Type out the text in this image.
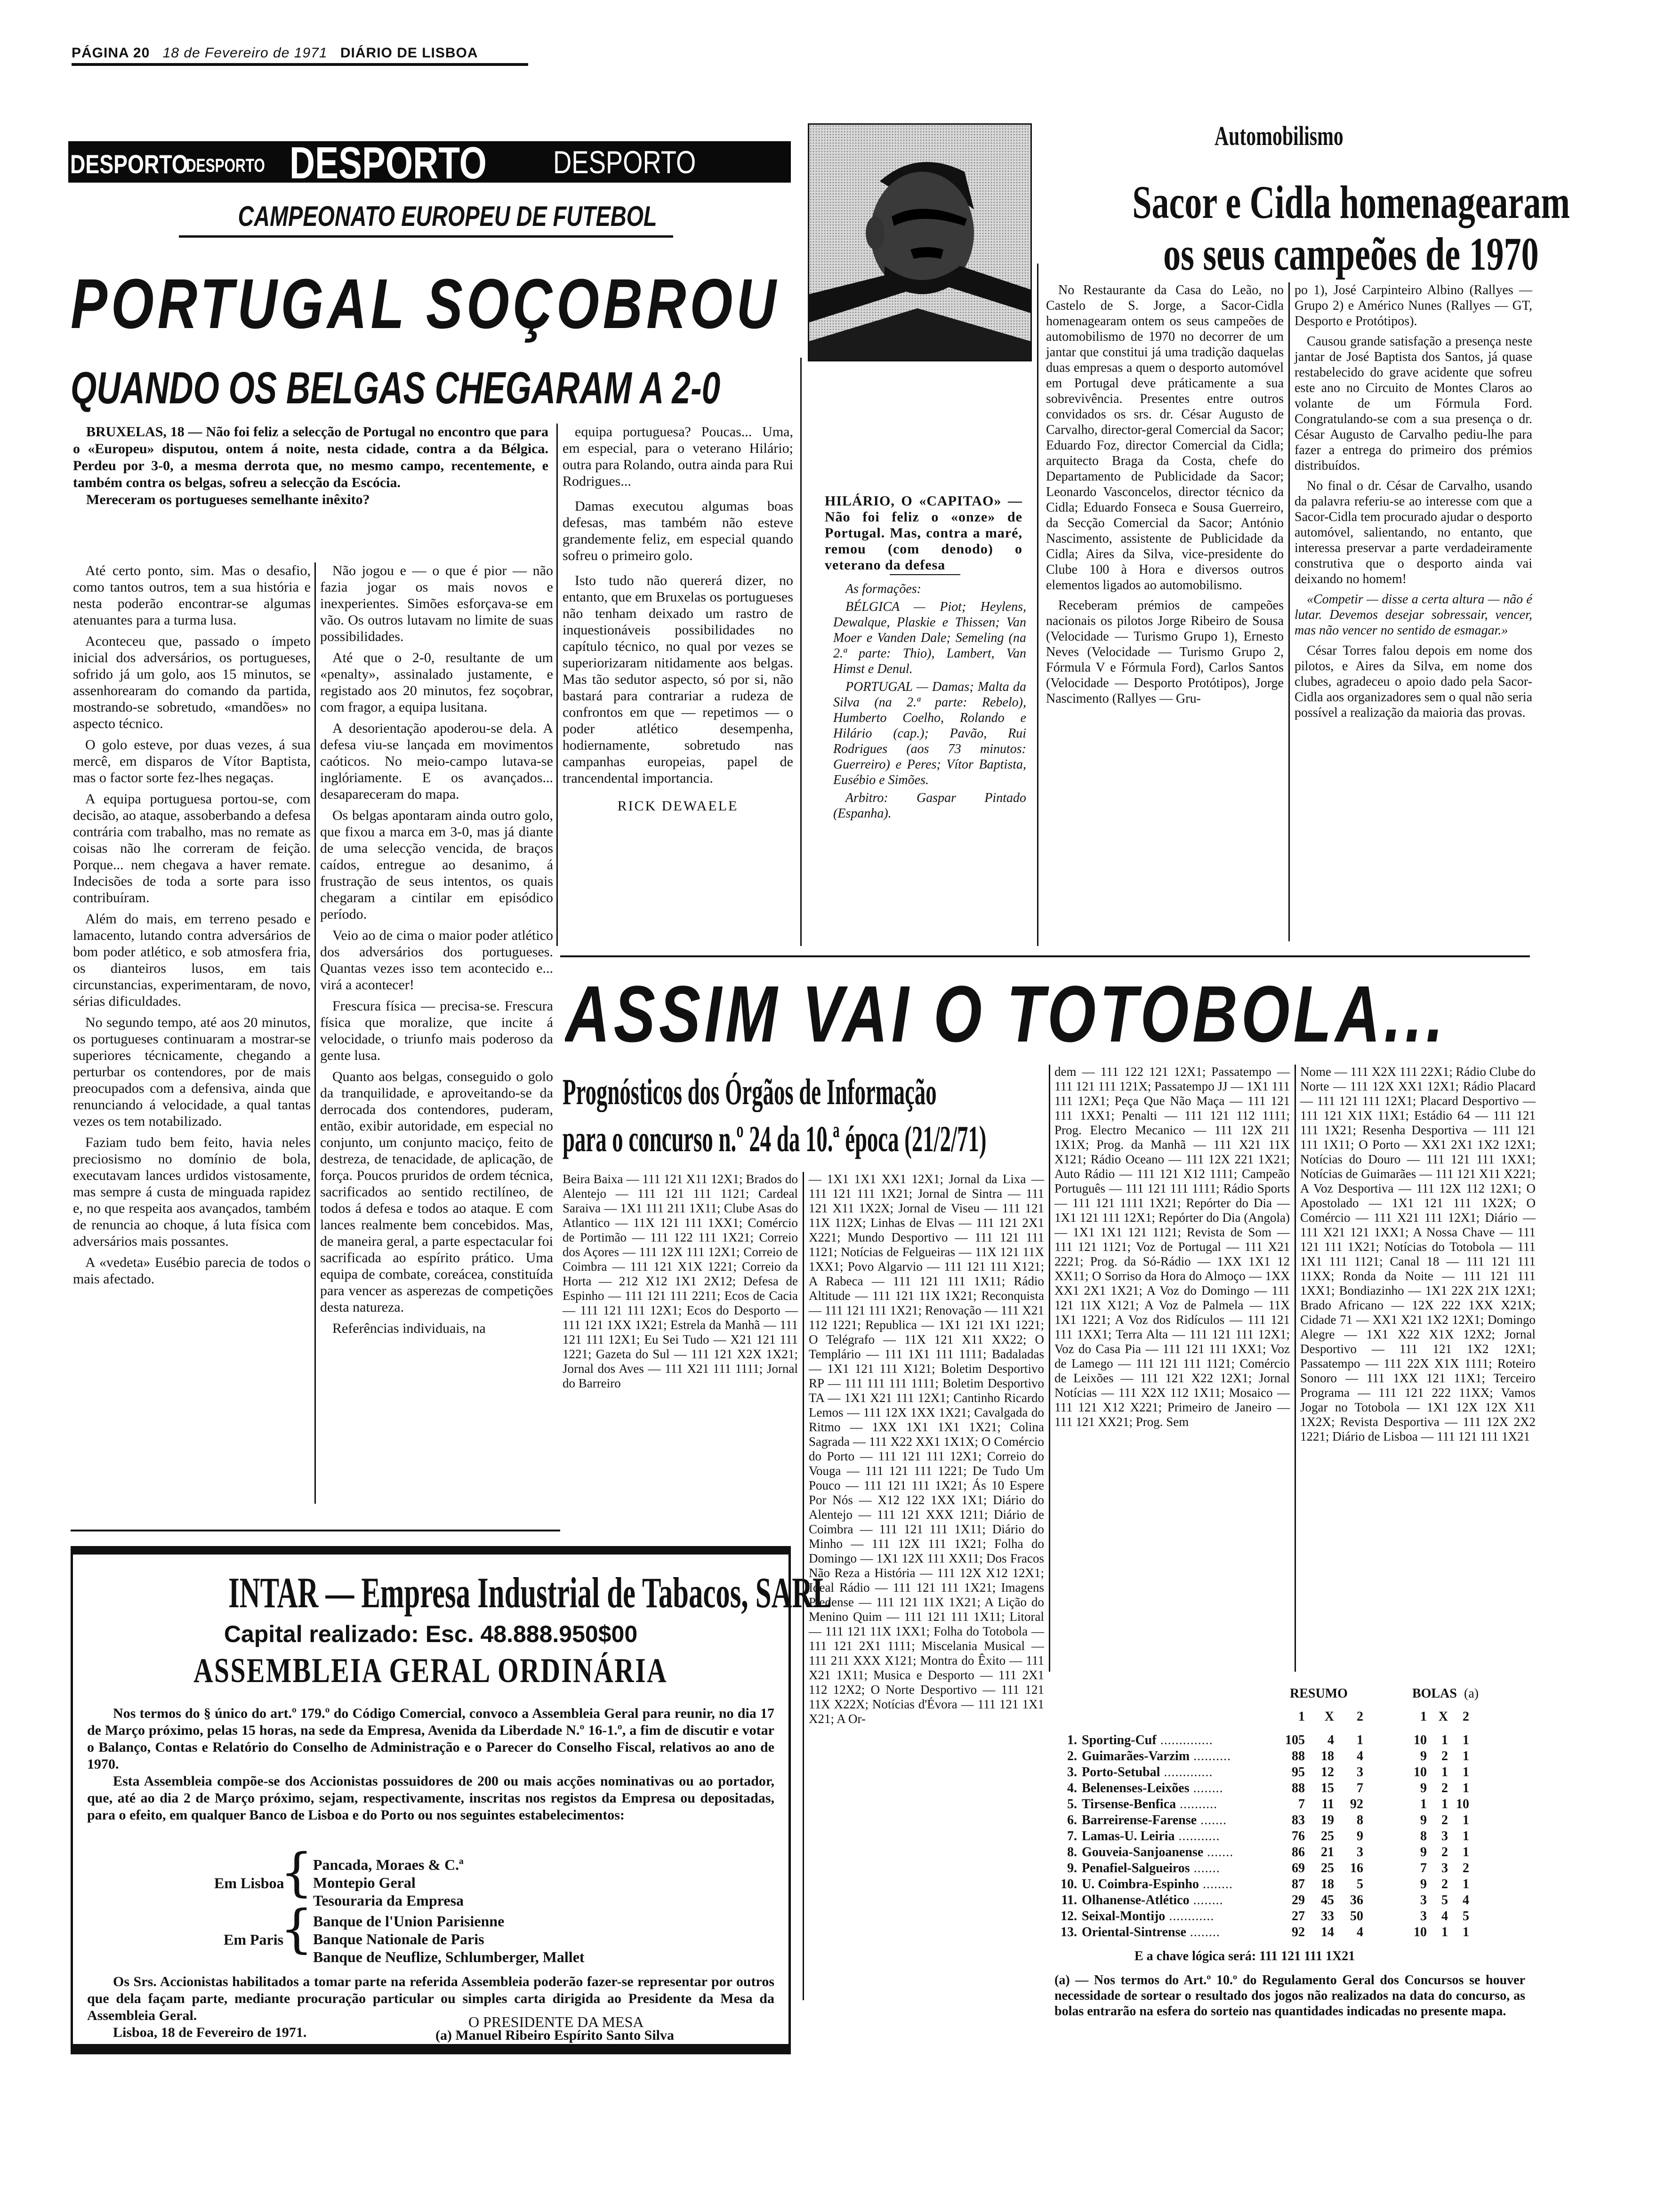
PÁGINA 20 18 de Fevereiro de 1971 DIÁRIO DE LISBOA
DESPORTO
DESPORTO DESPORTO DESPORTO
CAMPEONATO EUROPEU DE FUTEBOL
PORTUGAL SOÇOBROU
QUANDO OS BELGAS CHEGARAM A 2-0

BRUXELAS, 18 — Não foi feliz a selecção de Portugal no encontro que para o «Europeu» disputou, ontem á noite, nesta cidade, contra a da Bélgica. Perdeu por 3-0, a mesma derrota que, no mesmo campo, recentemente, e também contra os belgas, sofreu a selecção da Escócia.

Mereceram os portugueses semelhante inêxito?

Até certo ponto, sim. Mas o desafio, como tantos outros, tem a sua história e nesta poderão encontrar-se algumas atenuantes para a turma lusa.

Aconteceu que, passado o ímpeto inicial dos adversários, os portugueses, sofrido já um golo, aos 15 minutos, se assenhorearam do comando da partida, mostrando-se sobretudo, «mandões» no aspecto técnico.

O golo esteve, por duas vezes, á sua mercê, em disparos de Vítor Baptista, mas o factor sorte fez-lhes negaças.

A equipa portuguesa portou-se, com decisão, ao ataque, assoberbando a defesa contrária com trabalho, mas no remate as coisas não lhe correram de feição. Porque... nem chegava a haver remate. Indecisões de toda a sorte para isso contribuíram.

Além do mais, em terreno pesado e lamacento, lutando contra adversários de bom poder atlético, e sob atmosfera fria, os dianteiros lusos, em tais circunstancias, experimentaram, de novo, sérias dificuldades.

No segundo tempo, até aos 20 minutos, os portugueses continuaram a mostrar-se superiores técnicamente, chegando a perturbar os contendores, por de mais preocupados com a defensiva, ainda que renunciando á velocidade, a qual tantas vezes os tem notabilizado.

Faziam tudo bem feito, havia neles preciosismo no domínio de bola, executavam lances urdidos vistosamente, mas sempre á custa de minguada rapidez e, no que respeita aos avançados, também de renuncia ao choque, á luta física com adversários mais possantes.

A «vedeta» Eusébio parecia de todos o mais afectado.

Não jogou e — o que é pior — não fazia jogar os mais novos e inexperientes. Simões esforçava-se em vão. Os outros lutavam no limite de suas possibilidades.

Até que o 2-0, resultante de um «penalty», assinalado justamente, e registado aos 20 minutos, fez soçobrar, com fragor, a equipa lusitana.

A desorientação apoderou-se dela. A defesa viu-se lançada em movimentos caóticos. No meio-campo lutava-se inglóriamente. E os avançados... desapareceram do mapa.

Os belgas apontaram ainda outro golo, que fixou a marca em 3-0, mas já diante de uma selecção vencida, de braços caídos, entregue ao desanimo, á frustração de seus intentos, os quais chegaram a cintilar em episódico período.

Veio ao de cima o maior poder atlético dos adversários dos portugueses. Quantas vezes isso tem acontecido e... virá a acontecer!

Frescura física — precisa-se. Frescura física que moralize, que incite á velocidade, o triunfo mais poderoso da gente lusa.

Quanto aos belgas, conseguido o golo da tranquilidade, e aproveitando-se da derrocada dos contendores, puderam, então, exibir autoridade, em especial no conjunto, um conjunto maciço, feito de destreza, de tenacidade, de aplicação, de força. Poucos pruridos de ordem técnica, sacrificados ao sentido rectilíneo, de todos á defesa e todos ao ataque. E com lances realmente bem concebidos. Mas, de maneira geral, a parte espectacular foi sacrificada ao espírito prático. Uma equipa de combate, coreácea, constituída para vencer as asperezas de competições desta natureza.

Referências individuais, na

equipa portuguesa? Poucas... Uma, em especial, para o veterano Hilário; outra para Rolando, outra ainda para Rui Rodrigues...

Damas executou algumas boas defesas, mas também não esteve grandemente feliz, em especial quando sofreu o primeiro golo.

Isto tudo não quererá dizer, no entanto, que em Bruxelas os portugueses não tenham deixado um rastro de inquestionáveis possibilidades no capítulo técnico, no qual por vezes se superiorizaram nitidamente aos belgas. Mas tão sedutor aspecto, só por si, não bastará para contrariar a rudeza de confrontos em que — repetimos — o poder atlético desempenha, hodiernamente, sobretudo nas campanhas europeias, papel de trancendental importancia.

RICK DEWAELE
HILÁRIO, O «CAPITAO» — Não foi feliz o «onze» de Portugal. Mas, contra a maré, remou (com denodo) o veterano da defesa

As formações:

BÉLGICA — Piot; Heylens, Dewalque, Plaskie e Thissen; Van Moer e Vanden Dale; Semeling (na 2.ª parte: Thio), Lambert, Van Himst e Denul.

PORTUGAL — Damas; Malta da Silva (na 2.ª parte: Rebelo), Humberto Coelho, Rolando e Hilário (cap.); Pavão, Rui Rodrigues (aos 73 minutos: Guerreiro) e Peres; Vítor Baptista, Eusébio e Simões.

Arbitro: Gaspar Pintado (Espanha).

Automobilismo
Sacor e Cidla homenagearam
os seus campeões de 1970

No Restaurante da Casa do Leão, no Castelo de S. Jorge, a Sacor-Cidla homenagearam ontem os seus campeões de automobilismo de 1970 no decorrer de um jantar que constitui já uma tradição daquelas duas empresas a quem o desporto automóvel em Portugal deve práticamente a sua sobrevivência. Presentes entre outros convidados os srs. dr. César Augusto de Carvalho, director-geral Comercial da Sacor; Eduardo Foz, director Comercial da Cidla; arquitecto Braga da Costa, chefe do Departamento de Publicidade da Sacor; Leonardo Vasconcelos, director técnico da Cidla; Eduardo Fonseca e Sousa Guerreiro, da Secção Comercial da Sacor; António Nascimento, assistente de Publicidade da Cidla; Aires da Silva, vice-presidente do Clube 100 à Hora e diversos outros elementos ligados ao automobilismo.

Receberam prémios de campeões nacionais os pilotos Jorge Ribeiro de Sousa (Velocidade — Turismo Grupo 1), Ernesto Neves (Velocidade — Turismo Grupo 2, Fórmula V e Fórmula Ford), Carlos Santos (Velocidade — Desporto Protótipos), Jorge Nascimento (Rallyes — Gru-

po 1), José Carpinteiro Albino (Rallyes — Grupo 2) e Américo Nunes (Rallyes — GT, Desporto e Protótipos).

Causou grande satisfação a presença neste jantar de José Baptista dos Santos, já quase restabelecido do grave acidente que sofreu este ano no Circuito de Montes Claros ao volante de um Fórmula Ford. Congratulando-se com a sua presença o dr. César Augusto de Carvalho pediu-lhe para fazer a entrega do primeiro dos prémios distribuídos.

No final o dr. César de Carvalho, usando da palavra referiu-se ao interesse com que a Sacor-Cidla tem procurado ajudar o desporto automóvel, salientando, no entanto, que interessa preservar a parte verdadeiramente construtiva que o desporto ainda vai deixando no homem!

«Competir — disse a certa altura — não é lutar. Devemos desejar sobressair, vencer, mas não vencer no sentido de esmagar.»

César Torres falou depois em nome dos pilotos, e Aires da Silva, em nome dos clubes, agradeceu o apoio dado pela Sacor-Cidla aos organizadores sem o qual não seria possível a realização da maioria das provas.

ASSIM VAI O TOTOBOLA...
Prognósticos dos Órgãos de Informação
para o concurso n.º 24 da 10.ª época (21/2/71)
Beira Baixa — 111 121 X11 12X1; Brados do Alentejo — 111 121 111 1121; Cardeal Saraiva — 1X1 111 211 1X11; Clube Asas do Atlantico — 11X 121 111 1XX1; Comércio de Portimão — 111 122 111 1X21; Correio dos Açores — 111 12X 111 12X1; Correio de Coimbra — 111 121 X1X 1221; Correio da Horta — 212 X12 1X1 2X12; Defesa de Espinho — 111 121 111 2211; Ecos de Cacia — 111 121 111 12X1; Ecos do Desporto — 111 121 1XX 1X21; Estrela da Manhã — 111 121 111 12X1; Eu Sei Tudo — X21 121 111 1221; Gazeta do Sul — 111 121 X2X 1X21; Jornal dos Aves — 111 X21 111 1111; Jornal do Barreiro
— 1X1 1X1 XX1 12X1; Jornal da Lixa — 111 121 111 1X21; Jornal de Sintra — 111 121 X11 1X2X; Jornal de Viseu — 111 121 11X 112X; Linhas de Elvas — 111 121 2X1 X221; Mundo Desportivo — 111 121 111 1121; Notícias de Felgueiras — 11X 121 11X 1XX1; Povo Algarvio — 111 121 111 X121; A Rabeca — 111 121 111 1X11; Rádio Altitude — 111 121 11X 1X21; Reconquista — 111 121 111 1X21; Renovação — 111 X21 112 1221; Republica — 1X1 121 1X1 1221; O Telégrafo — 11X 121 X11 XX22; O Templário — 111 1X1 111 1111; Badaladas — 1X1 121 111 X121; Boletim Desportivo RP — 111 111 111 1111; Boletim Desportivo TA — 1X1 X21 111 12X1; Cantinho Ricardo Lemos — 111 12X 1XX 1X21; Cavalgada do Ritmo — 1XX 1X1 1X1 1X21; Colina Sagrada — 111 X22 XX1 1X1X; O Comércio do Porto — 111 121 111 12X1; Correio do Vouga — 111 121 111 1221; De Tudo Um Pouco — 111 121 111 1X21; Ás 10 Espere Por Nós — X12 122 1XX 1X1; Diário do Alentejo — 111 121 XXX 1211; Diário de Coimbra — 111 121 111 1X11; Diário do Minho — 111 12X 111 1X21; Folha do Domingo — 1X1 12X 111 XX11; Dos Fracos Não Reza a História — 111 12X X12 12X1; Ideal Rádio — 111 121 111 1X21; Imagens Piedense — 111 121 11X 1X21; A Lição do Menino Quim — 111 121 111 1X11; Litoral — 111 121 11X 1XX1; Folha do Totobola — 111 121 2X1 1111; Miscelania Musical — 111 211 XXX X121; Montra do Êxito — 111 X21 1X11; Musica e Desporto — 111 2X1 112 12X2; O Norte Desportivo — 111 121 11X X22X; Notícias d'Évora — 111 121 1X1 X21; A Or-
dem — 111 122 121 12X1; Passatempo — 111 121 111 121X; Passatempo JJ — 1X1 111 111 12X1; Peça Que Não Maça — 111 121 111 1XX1; Penalti — 111 121 112 1111; Prog. Electro Mecanico — 111 12X 211 1X1X; Prog. da Manhã — 111 X21 11X X121; Rádio Oceano — 111 12X 221 1X21; Auto Rádio — 111 121 X12 1111; Campeão Português — 111 121 111 1111; Rádio Sports — 111 121 1111 1X21; Repórter do Dia — 1X1 121 111 12X1; Repórter do Dia (Angola) — 1X1 1X1 121 1121; Revista de Som — 111 121 1121; Voz de Portugal — 111 X21 2221; Prog. da Só-Rádio — 1XX 1X1 12 XX11; O Sorriso da Hora do Almoço — 1XX XX1 2X1 1X21; A Voz do Domingo — 111 121 11X X121; A Voz de Palmela — 11X 1X1 1221; A Voz dos Ridículos — 111 121 111 1XX1; Terra Alta — 111 121 111 12X1; Voz do Casa Pia — 111 121 111 1XX1; Voz de Lamego — 111 121 111 1121; Comércio de Leixões — 111 121 X22 12X1; Jornal Notícias — 111 X2X 112 1X11; Mosaico — 111 121 X12 X221; Primeiro de Janeiro — 111 121 XX21; Prog. Sem
Nome — 111 X2X 111 22X1; Rádio Clube do Norte — 111 12X XX1 12X1; Rádio Placard — 111 121 111 12X1; Placard Desportivo — 111 121 X1X 11X1; Estádio 64 — 111 121 111 1X21; Resenha Desportiva — 111 121 111 1X11; O Porto — XX1 2X1 1X2 12X1; Notícias do Douro — 111 121 111 1XX1; Notícias de Guimarães — 111 121 X11 X221; A Voz Desportiva — 111 12X 112 12X1; O Apostolado — 1X1 121 111 1X2X; O Comércio — 111 X21 111 12X1; Diário — 111 X21 121 1XX1; A Nossa Chave — 111 121 111 1X21; Notícias do Totobola — 111 1X1 111 1121; Canal 18 — 111 121 111 11XX; Ronda da Noite — 111 121 111 1XX1; Bondiazinho — 1X1 22X 21X 12X1; Brado Africano — 12X 222 1XX X21X; Cidade 71 — XX1 X21 1X2 12X1; Domingo Alegre — 1X1 X22 X1X 12X2; Jornal Desportivo — 111 121 1X2 12X1; Passatempo — 111 22X X1X 1111; Roteiro Sonoro — 111 1XX 121 11X1; Terceiro Programa — 111 121 222 11XX; Vamos Jogar no Totobola — 1X1 12X 12X X11 1X2X; Revista Desportiva — 111 12X 2X2 1221; Diário de Lisboa — 111 121 111 1X21
RESUMO	BOLAS (a)
	1	X	2		1	X	2

1. Sporting-Cuf ..............	105	4	1		10	1	1
2. Guimarães-Varzim ..........	88	18	4		9	2	1
3. Porto-Setubal .............	95	12	3		10	1	1
4. Belenenses-Leixões ........	88	15	7		9	2	1
5. Tirsense-Benfica ..........	7	11	92		1	1	10
6. Barreirense-Farense .......	83	19	8		9	2	1
7. Lamas-U. Leiria ...........	76	25	9		8	3	1
8. Gouveia-Sanjoanense .......	86	21	3		9	2	1
9. Penafiel-Salgueiros .......	69	25	16		7	3	2
10. U. Coimbra-Espinho ........	87	18	5		9	2	1
11. Olhanense-Atlético ........	29	45	36		3	5	4
12. Seixal-Montijo ............	27	33	50		3	4	5
13. Oriental-Sintrense ........	92	14	4		10	1	1
E a chave lógica será: 111 121 111 1X21
(a) — Nos termos do Art.º 10.º do Regulamento Geral dos Concursos se houver necessidade de sortear o resultado dos jogos não realizados na data do concurso, as bolas entrarão na esfera do sorteio nas quantidades indicadas no presente mapa.
INTAR — Empresa Industrial de Tabacos, SARL
Capital realizado: Esc. 48.888.950$00
ASSEMBLEIA GERAL ORDINÁRIA

Nos termos do § único do art.º 179.º do Código Comercial, convoco a Assembleia Geral para reunir, no dia 17 de Março próximo, pelas 15 horas, na sede da Empresa, Avenida da Liberdade N.º 16-1.º, a fim de discutir e votar o Balanço, Contas e Relatório do Conselho de Administração e o Parecer do Conselho Fiscal, relativos ao ano de 1970.

Esta Assembleia compõe-se dos Accionistas possuidores de 200 ou mais acções nominativas ou ao portador, que, até ao dia 2 de Março próximo, sejam, respectivamente, inscritas nos registos da Empresa ou depositadas, para o efeito, em qualquer Banco de Lisboa e do Porto ou nos seguintes estabelecimentos:

Em Lisboa
{ Pancada, Moraes & C.ª
Montepio Geral
Tesouraria da Empresa
Em Paris
{ Banque de l'Union Parisienne
Banque Nationale de Paris
Banque de Neuflize, Schlumberger, Mallet

Os Srs. Accionistas habilitados a tomar parte na referida Assembleia poderão fazer-se representar por outros que dela façam parte, mediante procuração particular ou simples carta dirigida ao Presidente da Mesa da Assembleia Geral.

Lisboa, 18 de Fevereiro de 1971.

O PRESIDENTE DA MESA
(a) Manuel Ribeiro Espírito Santo Silva
